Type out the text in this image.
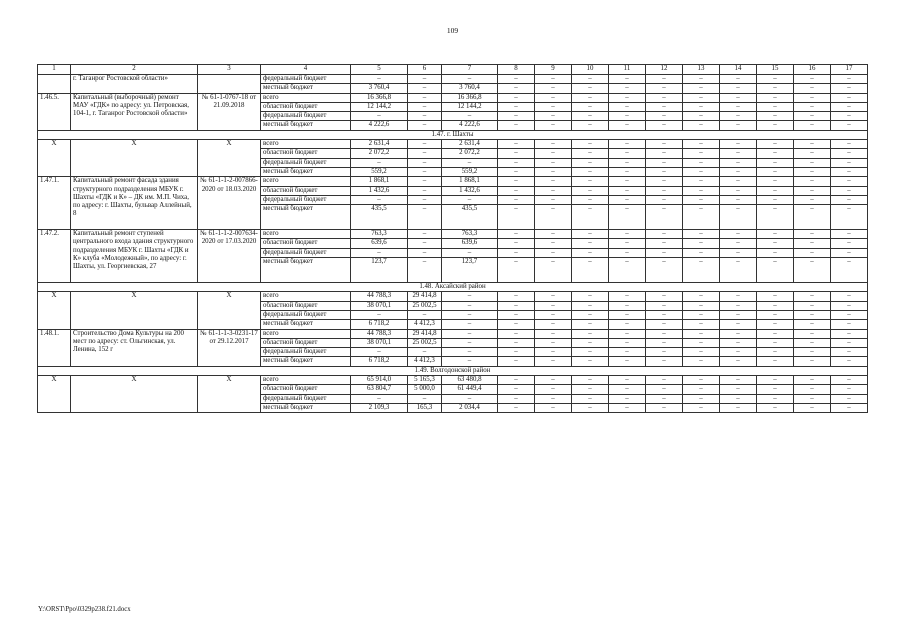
109
1	2	3	4	5	6	7	8	9	10	11	12	13	14	15	16	17
	г. Таганрог Ростовской области»		федеральный бюджет	–	–	–	–	–	–	–	–	–	–	–	–	–
			местный бюджет	3 760,4	–	3 760,4	–	–	–	–	–	–	–	–	–	–
1.46.5.	Капитальный (выборочный) ремонт МАУ «ГДК» по адресу: ул. Петровская, 104-1, г. Таганрог Ростовской области»	№ 61-1-0767-18 от 21.09.2018	всего	16 366,8	–	16 366,8	–	–	–	–	–	–	–	–	–	–
			областной бюджет	12 144,2	–	12 144,2	–	–	–	–	–	–	–	–	–	–
			федеральный бюджет	–	–	–	–	–	–	–	–	–	–	–	–	–
			местный бюджет	4 222,6	–	4 222,6	–	–	–	–	–	–	–	–	–	–
1.47. г. Шахты																
Х	Х	Х	всего	2 631,4	–	2 631,4	–	–	–	–	–	–	–	–	–	–
			областной бюджет	2 072,2	–	2 072,2	–	–	–	–	–	–	–	–	–	–
			федеральный бюджет	–	–	–	–	–	–	–	–	–	–	–	–	–
			местный бюджет	559,2	–	559,2	–	–	–	–	–	–	–	–	–	–
1.47.1.	Капитальный ремонт фасада здания структурного подразделения МБУК г. Шахты «ГДК и К» – ДК им. М.П. Чиха, по адресу: г. Шахты, бульвар Аллейный, 8	№ 61-1-1-2-007866-2020 от 18.03.2020	всего	1 868,1	–	1 868,1	–	–	–	–	–	–	–	–	–	–
			областной бюджет	1 432,6	–	1 432,6	–	–	–	–	–	–	–	–	–	–
			федеральный бюджет	–	–	–	–	–	–	–	–	–	–	–	–	–
			местный бюджет	435,5	–	435,5	–	–	–	–	–	–	–	–	–	–
1.47.2.	Капитальный ремонт ступеней центрального входа здания структурного подразделения МБУК г. Шахты «ГДК и К» клуба «Молодежный», по адресу: г. Шахты, ул. Георгиевская, 27	№ 61-1-1-2-007634-2020 от 17.03.2020	всего	763,3	–	763,3	–	–	–	–	–	–	–	–	–	–
			областной бюджет	639,6	–	639,6	–	–	–	–	–	–	–	–	–	–
			федеральный бюджет	–	–	–	–	–	–	–	–	–	–	–	–	–
			местный бюджет	123,7	–	123,7	–	–	–	–	–	–	–	–	–	–
1.48. Аксайский район																
Х	Х	Х	всего	44 788,3	29 414,8	–	–	–	–	–	–	–	–	–	–	–
			областной бюджет	38 070,1	25 002,5	–	–	–	–	–	–	–	–	–	–	–
			федеральный бюджет	–	–	–	–	–	–	–	–	–	–	–	–	–
			местный бюджет	6 718,2	4 412,3	–	–	–	–	–	–	–	–	–	–	–
1.48.1.	Строительство Дома Культуры на 200 мест по адресу: ст. Ольгинская, ул. Ленина, 152 г	№ 61-1-1-3-0231-17 от 29.12.2017	всего	44 788,3	29 414,8	–	–	–	–	–	–	–	–	–	–	–
			областной бюджет	38 070,1	25 002,5	–	–	–	–	–	–	–	–	–	–	–
			федеральный бюджет	–	–	–	–	–	–	–	–	–	–	–	–	–
			местный бюджет	6 718,2	4 412,3	–	–	–	–	–	–	–	–	–	–	–
1.49. Волгодонской район																
Х	Х	Х	всего	65 914,0	5 165,3	63 480,8	–	–	–	–	–	–	–	–	–	–
			областной бюджет	63 804,7	5 000,0	61 449,4	–	–	–	–	–	–	–	–	–	–
			федеральный бюджет	–	–	–	–	–	–	–	–	–	–	–	–	–
			местный бюджет	2 109,3	165,3	2 034,4	–	–	–	–	–	–	–	–	–	–
Y:\ORST\Ppo\0329p238.f21.docx
